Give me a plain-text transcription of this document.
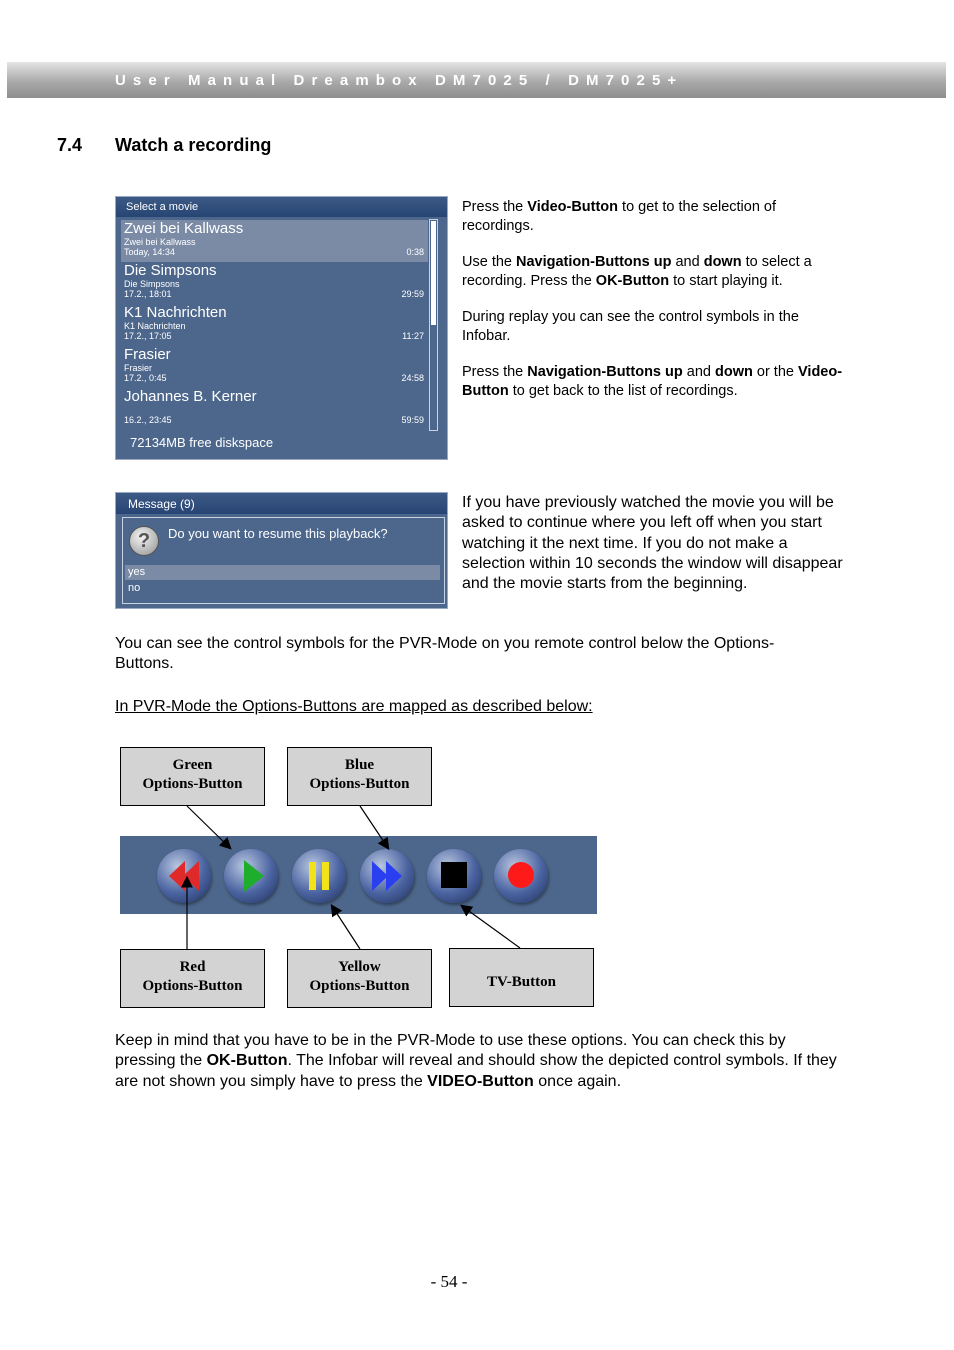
User Manual Dreambox DM7025 / DM7025+
7.4 Watch a recording
Select a movie
Zwei bei Kallwass
Zwei bei Kallwass
Today, 14:34	0:38
Die Simpsons
Die Simpsons
17.2., 18:01	29:59
K1 Nachrichten
K1 Nachrichten
17.2., 17:05	11:27
Frasier
Frasier
17.2., 0:45	24:58
Johannes B. Kerner
16.2., 23:45	59:59
72134MB free diskspace

Press the Video-Button to get to the selection of recordings.

Use the Navigation-Buttons up and down to select a recording. Press the OK-Button to start playing it.

During replay you can see the control symbols in the Infobar.

Press the Navigation-Buttons up and down or the Video-Button to get back to the list of recordings.

Message (9)
?	Do you want to resume this playback?
yes
no
If you have previously watched the movie you will be asked to continue where you left off when you start watching it the next time. If you do not make a selection within 10 seconds the window will disappear and the movie starts from the beginning.
You can see the control symbols for the PVR-Mode on you remote control below the Options-Buttons.
In PVR-Mode the Options-Buttons are mapped as described below:
Green
Options-Button
Blue
Options-Button
Red
Options-Button
Yellow
Options-Button	TV-Button
Keep in mind that you have to be in the PVR-Mode to use these options. You can check this by pressing the OK-Button. The Infobar will reveal and should show the depicted control symbols. If they are not shown you simply have to press the VIDEO-Button once again.
- 54 -
